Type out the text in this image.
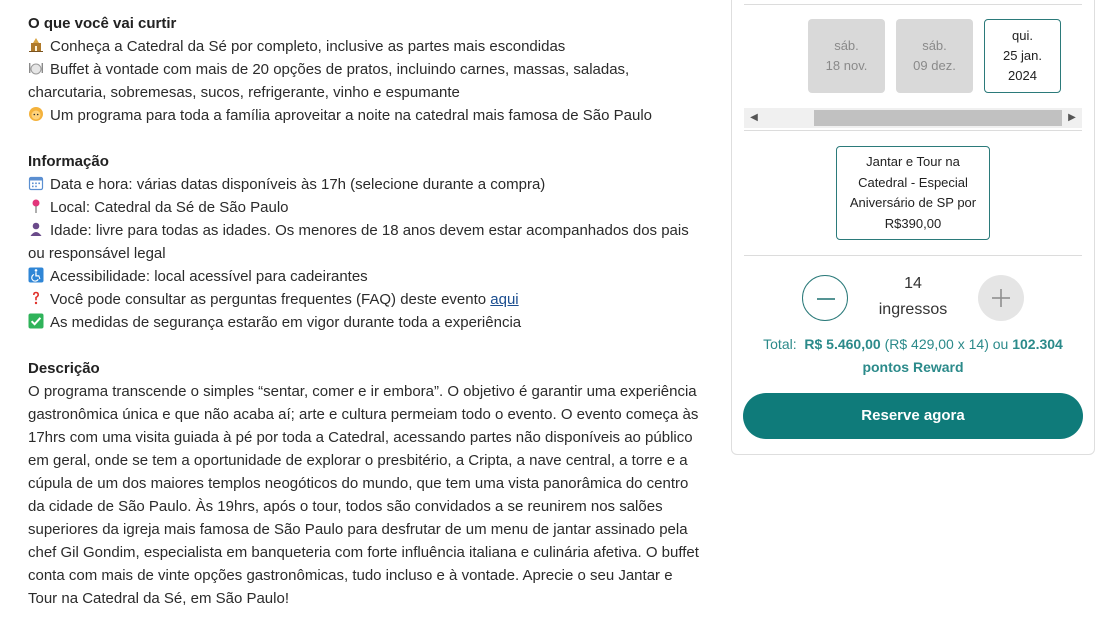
O que você vai curtir
Conheça a Catedral da Sé por completo, inclusive as partes mais escondidas
Buffet à vontade com mais de 20 opções de pratos, incluindo carnes, massas, saladas,
charcutaria, sobremesas, sucos, refrigerante, vinho e espumante
Um programa para toda a família aproveitar a noite na catedral mais famosa de São Paulo
Informação
Data e hora: várias datas disponíveis às 17h (selecione durante a compra)
Local: Catedral da Sé de São Paulo
Idade: livre para todas as idades. Os menores de 18 anos devem estar acompanhados dos pais
ou responsável legal
Acessibilidade: local acessível para cadeirantes
Você pode consultar as perguntas frequentes (FAQ) deste evento aqui
As medidas de segurança estarão em vigor durante toda a experiência
Descrição
O programa transcende o simples “sentar, comer e ir embora”. O objetivo é garantir uma experiência
gastronômica única e que não acaba aí; arte e cultura permeiam todo o evento. O evento começa às
17hrs com uma visita guiada à pé por toda a Catedral, acessando partes não disponíveis ao público
em geral, onde se tem a oportunidade de explorar o presbitério, a Cripta, a nave central, a torre e a
cúpula de um dos maiores templos neogóticos do mundo, que tem uma vista panorâmica do centro
da cidade de São Paulo. Às 19hrs, após o tour, todos são convidados a se reunirem nos salões
superiores da igreja mais famosa de São Paulo para desfrutar de um menu de jantar assinado pela
chef Gil Gondim, especialista em banqueteria com forte influência italiana e culinária afetiva. O buffet
conta com mais de vinte opções gastronômicas, tudo incluso e à vontade. Aprecie o seu Jantar e
Tour na Catedral da Sé, em São Paulo!
sáb.
18 nov.
sáb.
09 dez.
qui.
25 jan.
2024
◀	▶
Jantar e Tour na Catedral - Especial Aniversário de SP por R$390,00
14
ingressos
Total: R$ 5.460,00 (R$ 429,00 x 14) ou 102.304
pontos Reward
Reserve agora
